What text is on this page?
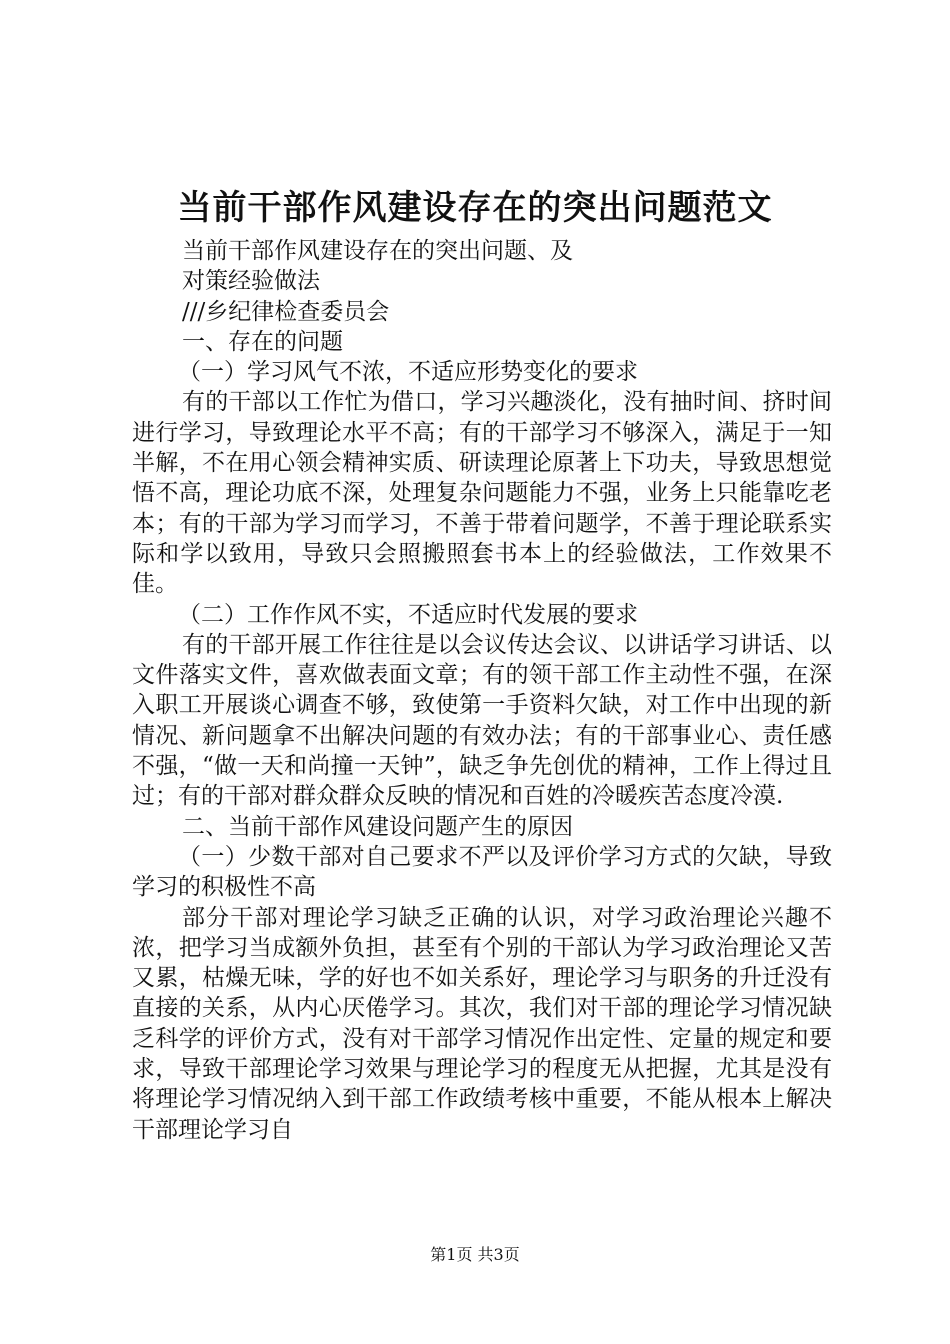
当前干部作风建设存在的突出问题范文

当前干部作风建设存在的突出问题、及

对策经验做法

///乡纪律检查委员会

一、存在的问题

（一）学习风气不浓，不适应形势变化的要求

有的干部以工作忙为借口，学习兴趣淡化，没有抽时间、挤时间进行学习，导致理论水平不高；有的干部学习不够深入，满足于一知半解，不在用心领会精神实质、研读理论原著上下功夫，导致思想觉悟不高，理论功底不深，处理复杂问题能力不强，业务上只能靠吃老本；有的干部为学习而学习，不善于带着问题学，不善于理论联系实际和学以致用，导致只会照搬照套书本上的经验做法，工作效果不佳。

（二）工作作风不实，不适应时代发展的要求

有的干部开展工作往往是以会议传达会议、以讲话学习讲话、以文件落实文件，喜欢做表面文章；有的领干部工作主动性不强，在深入职工开展谈心调查不够，致使第一手资料欠缺，对工作中出现的新情况、新问题拿不出解决问题的有效办法；有的干部事业心、责任感不强，“做一天和尚撞一天钟”，缺乏争先创优的精神，工作上得过且过；有的干部对群众群众反映的情况和百姓的冷暖疾苦态度冷漠.

二、当前干部作风建设问题产生的原因

（一）少数干部对自己要求不严以及评价学习方式的欠缺，导致学习的积极性不高

部分干部对理论学习缺乏正确的认识，对学习政治理论兴趣不浓，把学习当成额外负担，甚至有个别的干部认为学习政治理论又苦又累，枯燥无味，学的好也不如关系好，理论学习与职务的升迁没有直接的关系，从内心厌倦学习。其次，我们对干部的理论学习情况缺乏科学的评价方式，没有对干部学习情况作出定性、定量的规定和要求，导致干部理论学习效果与理论学习的程度无从把握，尤其是没有将理论学习情况纳入到干部工作政绩考核中重要，不能从根本上解决干部理论学习自

第1页 共3页
